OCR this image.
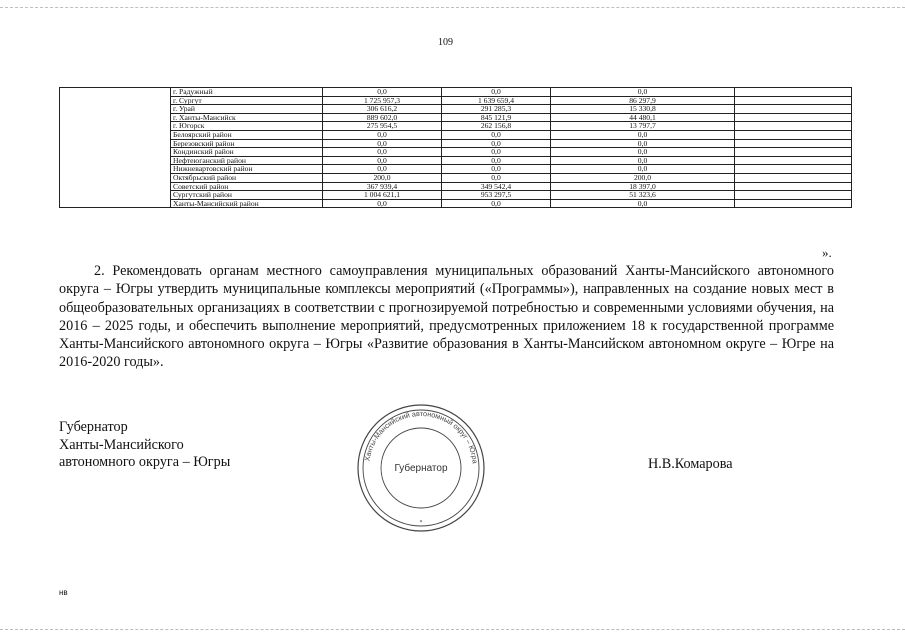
109
	г. Радужный	0,0	0,0	0,0	
	г. Сургут	1 725 957,3	1 639 659,4	86 297,9	
	г. Урай	306 616,2	291 285,3	15 330,8	
	г. Ханты-Мансийск	889 602,0	845 121,9	44 480,1	
	г. Югорск	275 954,5	262 156,8	13 797,7	
	Белоярский район	0,0	0,0	0,0	
	Березовский район	0,0	0,0	0,0	
	Кондинский район	0,0	0,0	0,0	
	Нефтеюганский район	0,0	0,0	0,0	
	Нижневартовский район	0,0	0,0	0,0	
	Октябрьский район	200,0	0,0	200,0	
	Советский район	367 939,4	349 542,4	18 397,0	
	Сургутский район	1 004 621,1	953 297,5	51 323,6	
	Ханты-Мансийский район	0,0	0,0	0,0	
».

2. Рекомендовать органам местного самоуправления муниципальных образований Ханты-Мансийского автономного округа – Югры утвердить муниципальные комплексы мероприятий («Программы»), направленных на создание новых мест в общеобразовательных организациях в соответствии с прогнозируемой потребностью и современными условиями обучения, на 2016 – 2025 годы, и обеспечить выполнение мероприятий, предусмотренных приложением 18 к государственной программе Ханты-Мансийского автономного округа – Югры «Развитие образования в Ханты-Мансийском автономном округе – Югре на 2016-2020 годы».

Губернатор
Ханты-Мансийского
автономного округа – Югры	Ханты-Мансийский автономный округ – Югра
Губернатор
*
Н.В.Комарова
нв
